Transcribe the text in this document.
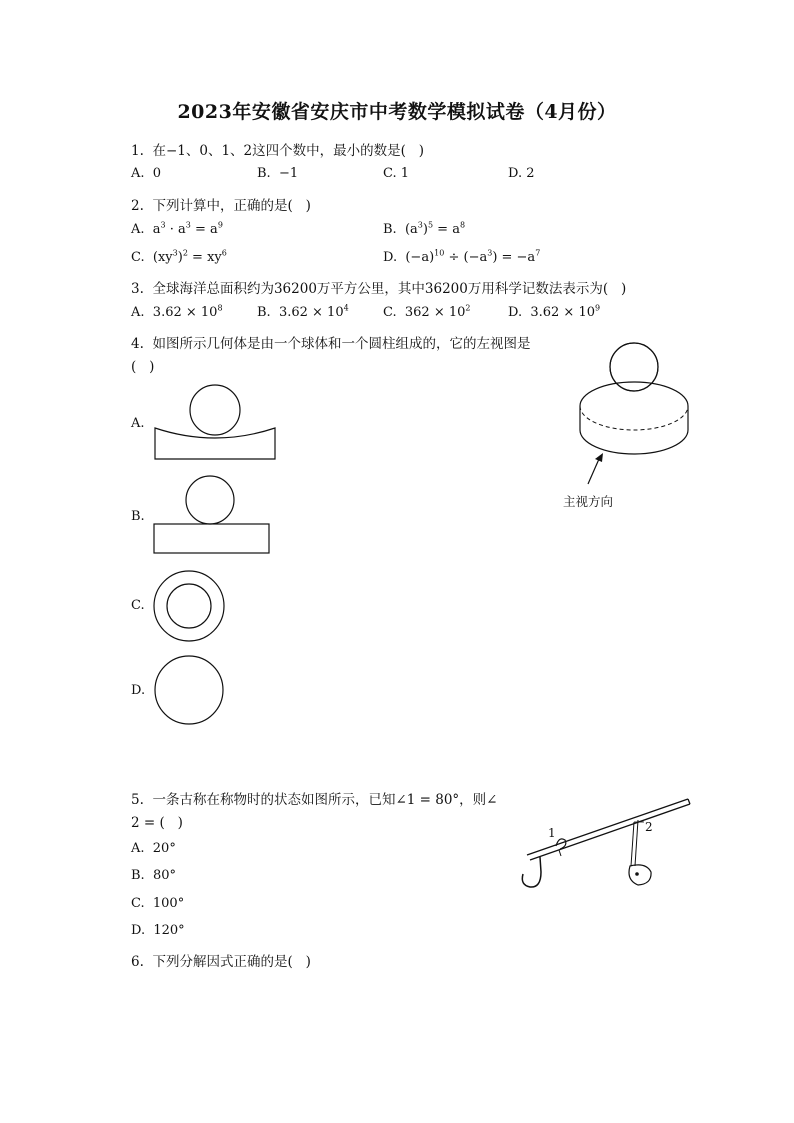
2023年安徽省安庆市中考数学模拟试卷（4月份）
1.  在−1、0、1、2这四个数中，最小的数是(   )
A.  0	B.  −1	C. 1	D. 2
2.  下列计算中，正确的是(   )
A.  $a^3 \cdot a^3 = a^9$	B.  $(a^3)^5 = a^8$
C.  $(xy^3)^2 = xy^6$	D.  $(-a)^{10} \div (-a^3) = -a^7$
3.  全球海洋总面积约为36200万平方公里，其中36200万用科学记数法表示为(   )
A.  $3.62 \times 10^8$	B.  $3.62 \times 10^4$	C.  $362 \times 10^2$	D.  $3.62 \times 10^9$
4.  如图所示几何体是由一个球体和一个圆柱组成的，它的左视图是
(   )
A.
B.
C.
D.
主视方向
5.  一条古称在称物时的状态如图所示，已知∠1 = 80°，则∠
2 = (   )
A.  20°
B.  80°
C.  100°
D.  120°
1	2
6.  下列分解因式正确的是(   )
